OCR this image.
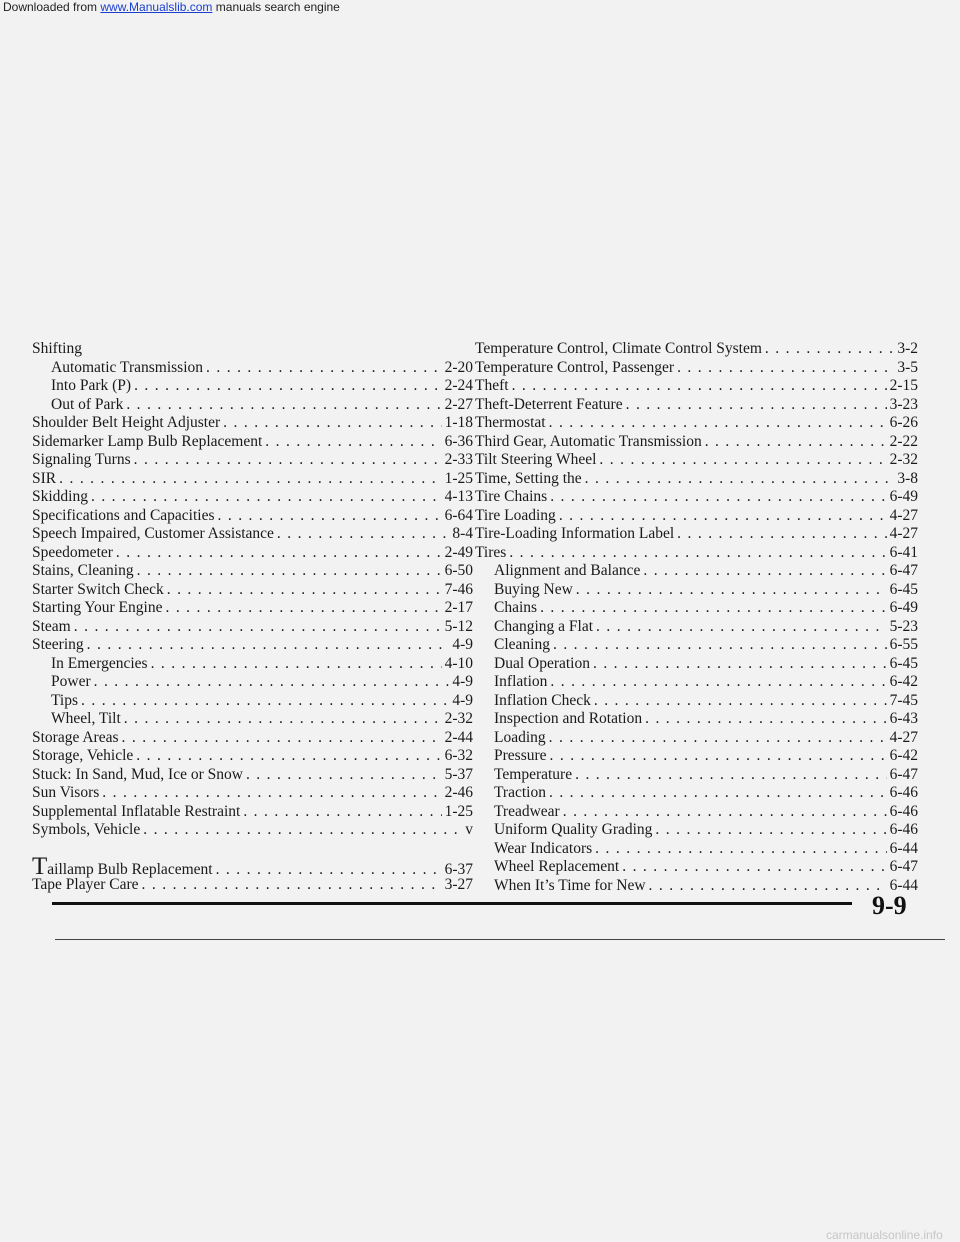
Downloaded from www.Manualslib.com manuals search engine
Shifting
Automatic Transmission . . .	2-20
Into Park (P) . . .	2-24
Out of Park . . .	2-27
Shoulder Belt Height Adjuster . . .	1-18
Sidemarker Lamp Bulb Replacement . . .	6-36
Signaling Turns . . .	2-33
SIR . . .	1-25
Skidding . . .	4-13
Specifications and Capacities . . .	6-64
Speech Impaired, Customer Assistance . . .	8-4
Speedometer . . .	2-49
Stains, Cleaning . . .	6-50
Starter Switch Check . . .	7-46
Starting Your Engine . . .	2-17
Steam . . .	5-12
Steering . . .	4-9
In Emergencies . . .	4-10
Power . . .	4-9
Tips . . .	4-9
Wheel, Tilt . . .	2-32
Storage Areas . . .	2-44
Storage, Vehicle . . .	6-32
Stuck: In Sand, Mud, Ice or Snow . . .	5-37
Sun Visors . . .	2-46
Supplemental Inflatable Restraint . . .	1-25
Symbols, Vehicle . . .	v
Taillamp Bulb Replacement . . .	6-37
Tape Player Care . . .	3-27
Temperature Control, Climate Control System . . .	3-2
Temperature Control, Passenger . . .	3-5
Theft . . .	2-15
Theft-Deterrent Feature . . .	3-23
Thermostat . . .	6-26
Third Gear, Automatic Transmission . . .	2-22
Tilt Steering Wheel . . .	2-32
Time, Setting the . . .	3-8
Tire Chains . . .	6-49
Tire Loading . . .	4-27
Tire-Loading Information Label . . .	4-27
Tires . . .	6-41
Alignment and Balance . . .	6-47
Buying New . . .	6-45
Chains . . .	6-49
Changing a Flat . . .	5-23
Cleaning . . .	6-55
Dual Operation . . .	6-45
Inflation . . .	6-42
Inflation Check . . .	7-45
Inspection and Rotation . . .	6-43
Loading . . .	4-27
Pressure . . .	6-42
Temperature . . .	6-47
Traction . . .	6-46
Treadwear . . .	6-46
Uniform Quality Grading . . .	6-46
Wear Indicators . . .	6-44
Wheel Replacement . . .	6-47
When It’s Time for New . . .	6-44
9-9
carmanualsonline.info
